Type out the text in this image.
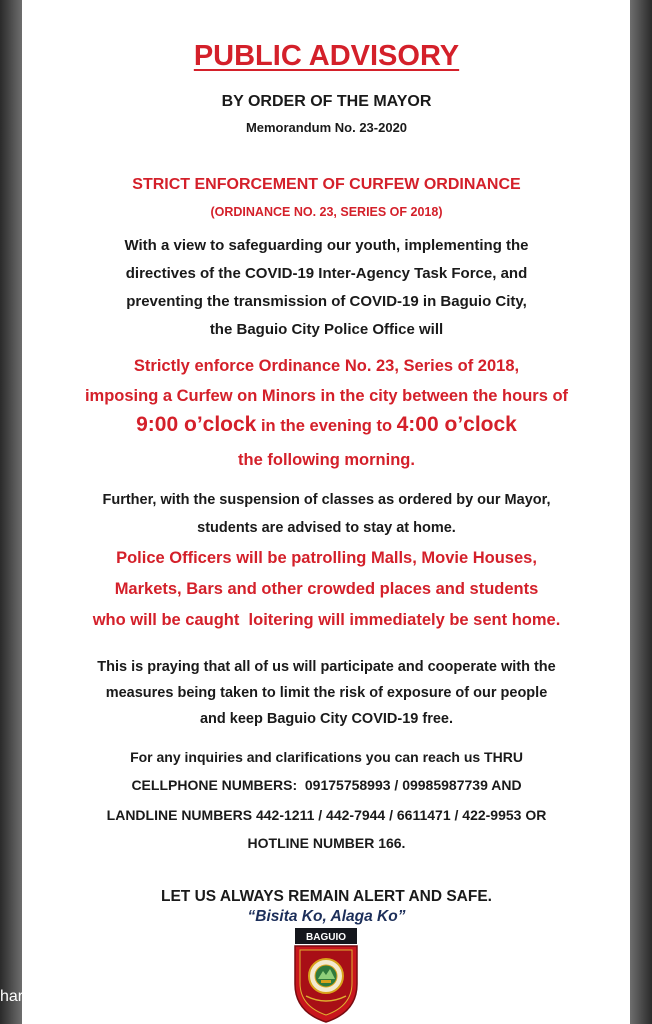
PUBLIC ADVISORY
BY ORDER OF THE MAYOR
Memorandum No. 23-2020
STRICT ENFORCEMENT OF CURFEW ORDINANCE
(ORDINANCE NO. 23, SERIES OF 2018)
With a view to safeguarding our youth, implementing the
directives of the COVID-19 Inter-Agency Task Force, and
preventing the transmission of COVID-19 in Baguio City,
the Baguio City Police Office will
Strictly enforce Ordinance No. 23, Series of 2018,
imposing a Curfew on Minors in the city between the hours of
9:00 o’clock in the evening to 4:00 o’clock
the following morning.
Further, with the suspension of classes as ordered by our Mayor,
students are advised to stay at home.
Police Officers will be patrolling Malls, Movie Houses,
Markets, Bars and other crowded places and students
who will be caught  loitering will immediately be sent home.
This is praying that all of us will participate and cooperate with the
measures being taken to limit the risk of exposure of our people
and keep Baguio City COVID-19 free.
For any inquiries and clarifications you can reach us THRU
CELLPHONE NUMBERS:  09175758993 / 09985987739 AND
LANDLINE NUMBERS 442-1211 / 442-7944 / 6611471 / 422-9953 OR
HOTLINE NUMBER 166.
LET US ALWAYS REMAIN ALERT AND SAFE.
“Bisita Ko, Alaga Ko”
BAGUIO
hare
